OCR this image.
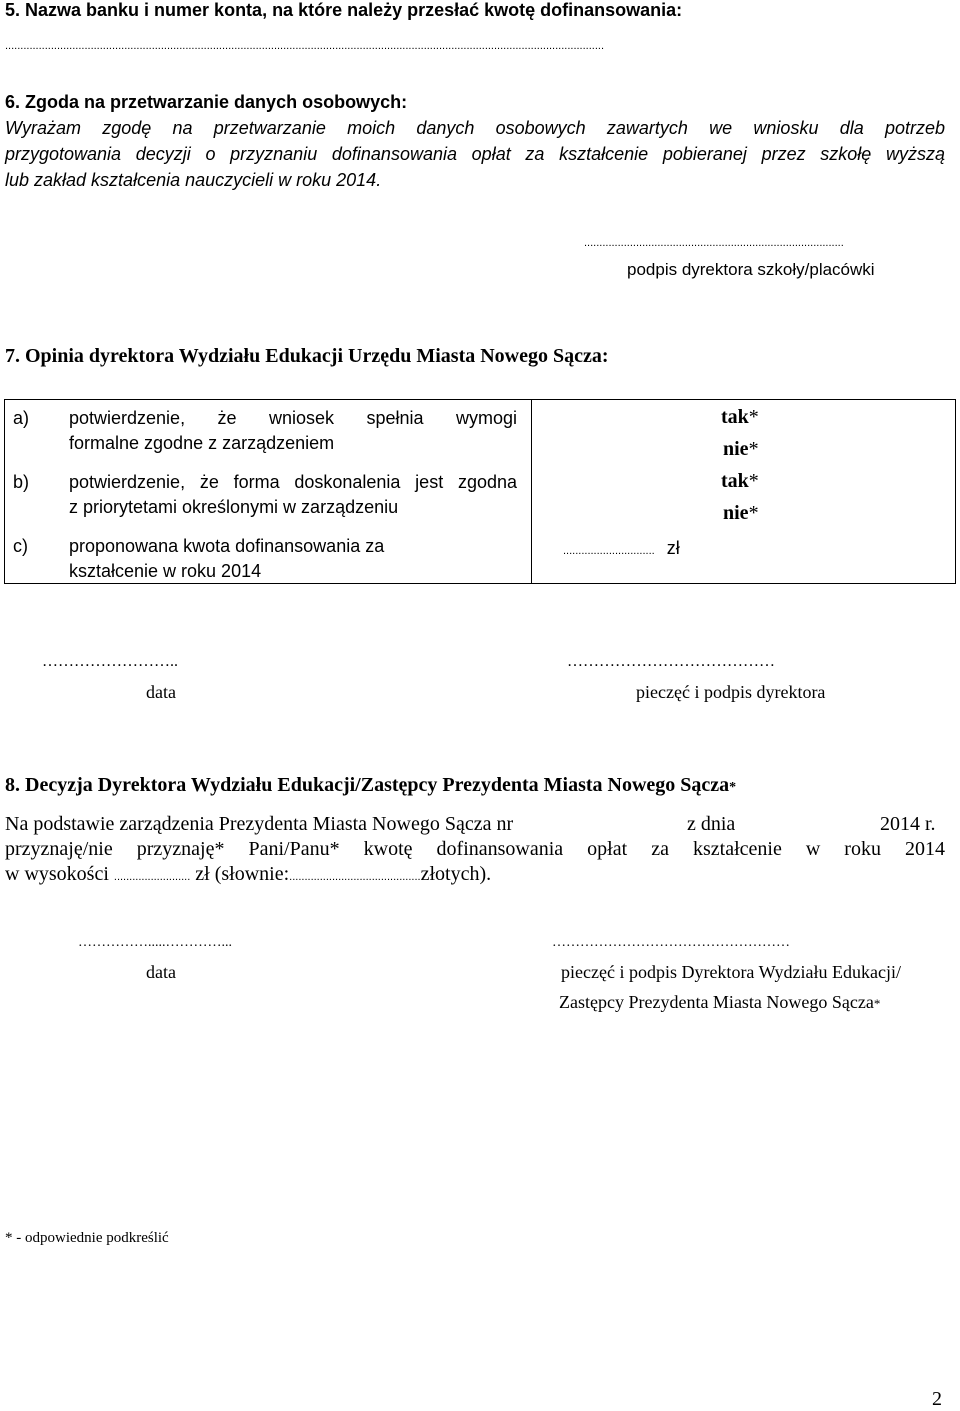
5. Nazwa banku i numer konta, na które należy przesłać kwotę dofinansowania:
....................................................................................................................................................................................................
6. Zgoda na przetwarzanie danych osobowych:
Wyrażam zgodę na przetwarzanie moich danych osobowych zawartych we wniosku dla potrzeb
przygotowania decyzji o przyznaniu dofinansowania opłat za kształcenie pobieranej przez szkołę wyższą
lub zakład kształcenia nauczycieli w roku 2014.
.....................................................................................
podpis dyrektora szkoły/placówki
7. Opinia dyrektora Wydziału Edukacji Urzędu Miasta Nowego Sącza:
a) potwierdzenie, że wniosek spełnia wymogi
formalne zgodne z zarządzeniem
tak*
nie*
b) potwierdzenie, że forma doskonalenia jest zgodna
z priorytetami określonymi w zarządzeniu
tak*
nie*
c) proponowana kwota dofinansowania za
kształcenie w roku 2014
.............................. zł
……………………..
data
…………………………………
pieczęć i podpis dyrektora
8. Decyzja Dyrektora Wydziału Edukacji/Zastępcy Prezydenta Miasta Nowego Sącza*
Na podstawie zarządzenia Prezydenta Miasta Nowego Sącza nr	z dnia	2014 r.
przyznaję/nie przyznaję* Pani/Panu* kwotę dofinansowania opłat za kształcenie w roku 2014
w wysokości ......................... zł (słownie:...........................................złotych).
…………….....…………...
data
……………………………………………
pieczęć i podpis Dyrektora Wydziału Edukacji/
Zastępcy Prezydenta Miasta Nowego Sącza*
* - odpowiednie podkreślić
2
